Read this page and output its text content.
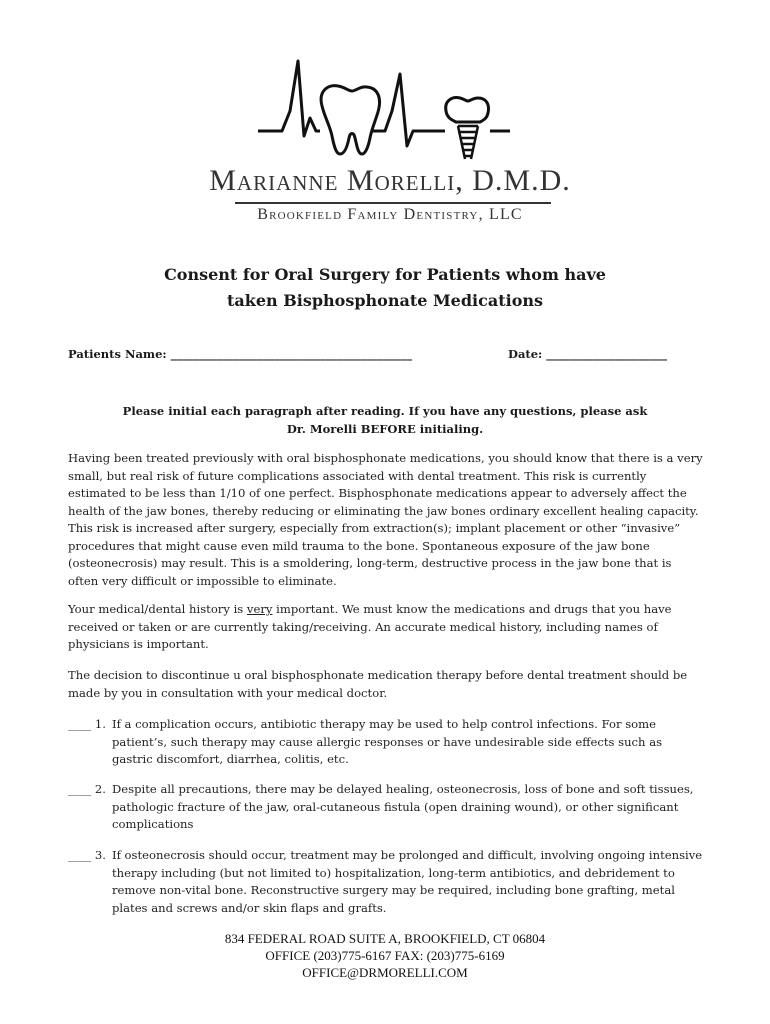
Marianne Morelli, D.M.D.
Brookfield Family Dentistry, LLC
Consent for Oral Surgery for Patients whom have
taken Bisphosphonate Medications
Patients Name: __________________________________________	Date: _____________________
Please initial each paragraph after reading. If you have any questions, please ask
Dr. Morelli BEFORE initialing.
Having been treated previously with oral bisphosphonate medications, you should know that there is a very small, but real risk of future complications associated with dental treatment. This risk is currently estimated to be less than 1/10 of one perfect. Bisphosphonate medications appear to adversely affect the health of the jaw bones, thereby reducing or eliminating the jaw bones ordinary excellent healing capacity. This risk is increased after surgery, especially from extraction(s); implant placement or other “invasive” procedures that might cause even mild trauma to the bone. Spontaneous exposure of the jaw bone (osteonecrosis) may result. This is a smoldering, long-term, destructive process in the jaw bone that is often very difficult or impossible to eliminate.
Your medical/dental history is very important. We must know the medications and drugs that you have received or taken or are currently taking/receiving. An accurate medical history, including names of physicians is important.
The decision to discontinue u oral bisphosphonate medication therapy before dental treatment should be made by you in consultation with your medical doctor.
____ 1. If a complication occurs, antibiotic therapy may be used to help control infections. For some patient’s, such therapy may cause allergic responses or have undesirable side effects such as gastric discomfort, diarrhea, colitis, etc.
____ 2. Despite all precautions, there may be delayed healing, osteonecrosis, loss of bone and soft tissues, pathologic fracture of the jaw, oral-cutaneous fistula (open draining wound), or other significant complications
____ 3. If osteonecrosis should occur, treatment may be prolonged and difficult, involving ongoing intensive therapy including (but not limited to) hospitalization, long-term antibiotics, and debridement to remove non-vital bone. Reconstructive surgery may be required, including bone grafting, metal plates and screws and/or skin flaps and grafts.
834 FEDERAL ROAD SUITE A, BROOKFIELD, CT 06804
OFFICE (203)775-6167 FAX: (203)775-6169
OFFICE@DRMORELLI.COM
